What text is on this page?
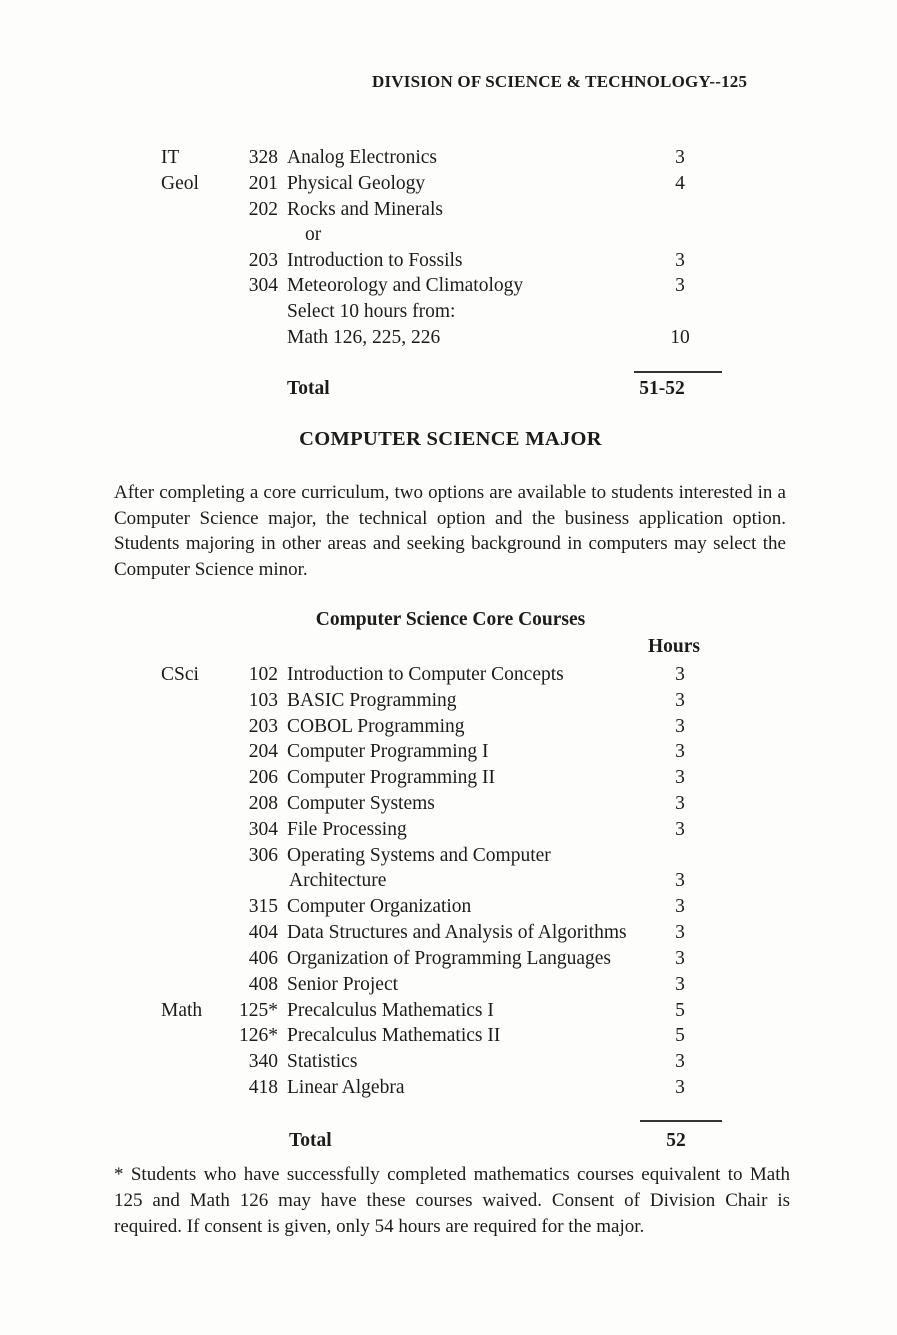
DIVISION OF SCIENCE & TECHNOLOGY--125
IT	328 Analog Electronics	3
Geol	201 Physical Geology	4
202 Rocks and Minerals
or
203 Introduction to Fossils	3
304 Meteorology and Climatology	3
Select 10 hours from:
Math 126, 225, 226	10
Total	51-52
COMPUTER SCIENCE MAJOR
After completing a core curriculum, two options are available to students interested in a Computer Science major, the technical option and the business application option. Students majoring in other areas and seeking background in computers may select the Computer Science minor.
Computer Science Core Courses
Hours
CSci	102 Introduction to Computer Concepts	3
103 BASIC Programming	3
203 COBOL Programming	3
204 Computer Programming I	3
206 Computer Programming II	3
208 Computer Systems	3
304 File Processing	3
306 Operating Systems and Computer
Architecture	3
315 Computer Organization	3
404 Data Structures and Analysis of Algorithms	3
406 Organization of Programming Languages	3
408 Senior Project	3
Math	125* Precalculus Mathematics I	5
126* Precalculus Mathematics II	5
340 Statistics	3
418 Linear Algebra	3
Total	52
* Students who have successfully completed mathematics courses equivalent to Math 125 and Math 126 may have these courses waived. Consent of Division Chair is required. If consent is given, only 54 hours are required for the major.
